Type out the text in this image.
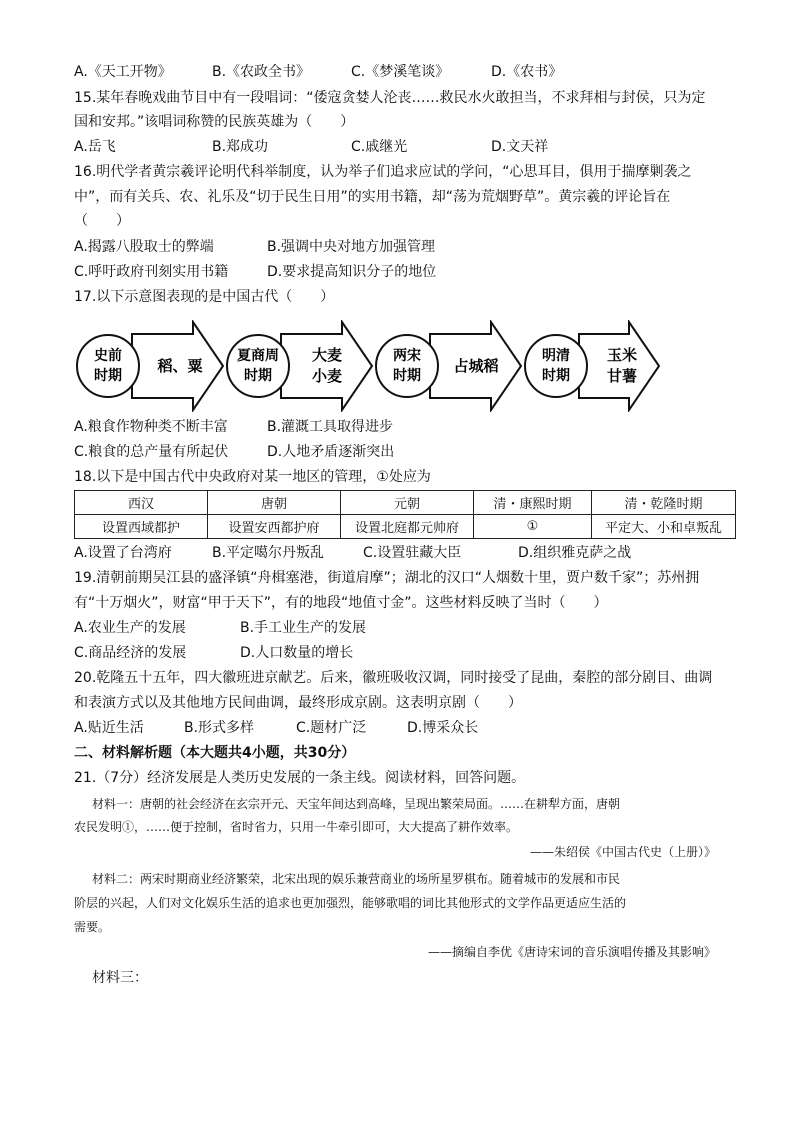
A.《天工开物》	B.《农政全书》	C.《梦溪笔谈》	D.《农书》
15.某年春晚戏曲节目中有一段唱词：“倭寇贪婪人沦丧……救民水火敢担当，不求拜相与封侯，只为定
国和安邦。”该唱词称赞的民族英雄为（　　）
A.岳飞	B.郑成功	C.戚继光	D.文天祥
16.明代学者黄宗羲评论明代科举制度，认为举子们追求应试的学问，“心思耳目，俱用于揣摩剿袭之
中”，而有关兵、农、礼乐及“切于民生日用”的实用书籍，却“荡为荒烟野草”。黄宗羲的评论旨在
（　　）
A.揭露八股取士的弊端	B.强调中央对地方加强管理
C.呼吁政府刊刻实用书籍	D.要求提高知识分子的地位
17.以下示意图表现的是中国古代（　　）
史前
时期
稻、粟
夏商周
时期
大麦
小麦
两宋
时期
占城稻
明清
时期
玉米
甘薯
A.粮食作物种类不断丰富	B.灌溉工具取得进步
C.粮食的总产量有所起伏	D.人地矛盾逐渐突出
18.以下是中国古代中央政府对某一地区的管理，①处应为
西汉	唐朝	元朝	清・康熙时期	清・乾隆时期
设置西域都护	设置安西都护府	设置北庭都元帅府	①	平定大、小和卓叛乱
A.设置了台湾府	B.平定噶尔丹叛乱	C.设置驻藏大臣	D.组织雅克萨之战
19.清朝前期吴江县的盛泽镇“舟楫塞港，街道肩摩”；湖北的汉口“人烟数十里，贾户数千家”；苏州拥
有“十万烟火”，财富“甲于天下”，有的地段“地值寸金”。这些材料反映了当时（　　）
A.农业生产的发展	B.手工业生产的发展
C.商品经济的发展	D.人口数量的增长
20.乾隆五十五年，四大徽班进京献艺。后来，徽班吸收汉调，同时接受了昆曲，秦腔的部分剧目、曲调
和表演方式以及其他地方民间曲调，最终形成京剧。这表明京剧（　　）
A.贴近生活	B.形式多样	C.题材广泛	D.博采众长
二、材料解析题（本大题共4小题，共30分）
21.（7分）经济发展是人类历史发展的一条主线。阅读材料，回答问题。
材料一：唐朝的社会经济在玄宗开元、天宝年间达到高峰，呈现出繁荣局面。……在耕犁方面，唐朝
农民发明①，……便于控制，省时省力，只用一牛牵引即可，大大提高了耕作效率。
——朱绍侯《中国古代史（上册）》
材料二：两宋时期商业经济繁荣，北宋出现的娱乐兼营商业的场所星罗棋布。随着城市的发展和市民
阶层的兴起，人们对文化娱乐生活的追求也更加强烈，能够歌唱的词比其他形式的文学作品更适应生活的
需要。
——摘编自李优《唐诗宋词的音乐演唱传播及其影响》
材料三：
